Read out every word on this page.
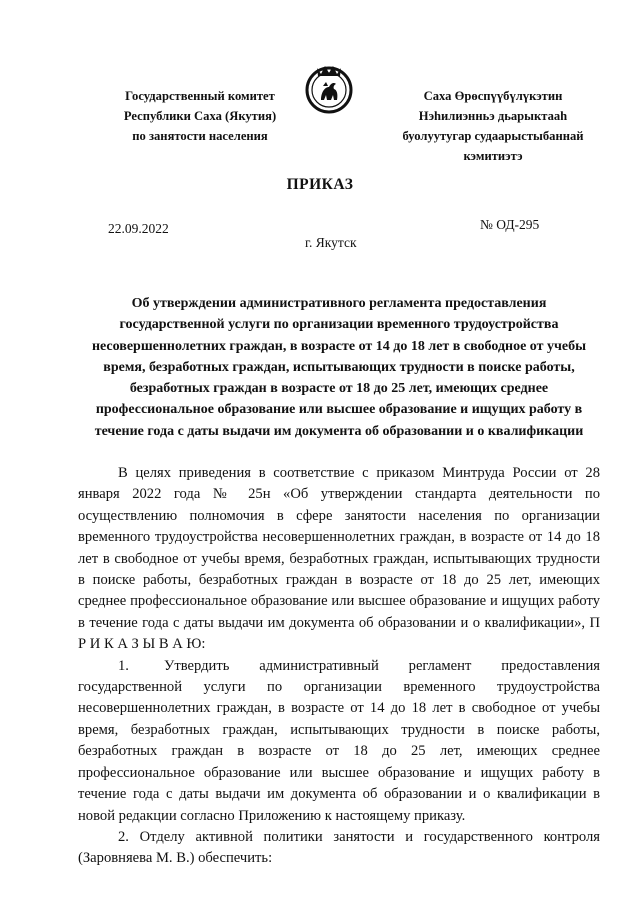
Государственный комитет
Республики Саха (Якутия)
по занятости населения
Саха Өрөспүүбүлүкэтин
Нэһилиэнньэ дьарыктааһ
буолуутугар судаарыстыбаннай
кэмитиэтэ
ПРИКАЗ
22.09.2022	№ ОД-295
г. Якутск
Об утверждении административного регламента предоставления государственной услуги по организации временного трудоустройства несовершеннолетних граждан, в возрасте от 14 до 18 лет в свободное от учебы время, безработных граждан, испытывающих трудности в поиске работы, безработных граждан в возрасте от 18 до 25 лет, имеющих среднее профессиональное образование или высшее образование и ищущих работу в течение года с даты выдачи им документа об образовании и о квалификации

В целях приведения в соответствие с приказом Минтруда России от 28 января 2022 года № 25н «Об утверждении стандарта деятельности по осуществлению полномочия в сфере занятости населения по организации временного трудоустройства несовершеннолетних граждан, в возрасте от 14 до 18 лет в свободное от учебы время, безработных граждан, испытывающих трудности в поиске работы, безработных граждан в возрасте от 18 до 25 лет, имеющих среднее профессиональное образование или высшее образование и ищущих работу в течение года с даты выдачи им документа об образовании и о квалификации», П Р И К А З Ы В А Ю:

1. Утвердить административный регламент предоставления государственной услуги по организации временного трудоустройства несовершеннолетних граждан, в возрасте от 14 до 18 лет в свободное от учебы время, безработных граждан, испытывающих трудности в поиске работы, безработных граждан в возрасте от 18 до 25 лет, имеющих среднее профессиональное образование или высшее образование и ищущих работу в течение года с даты выдачи им документа об образовании и о квалификации в новой редакции согласно Приложению к настоящему приказу.

2. Отделу активной политики занятости и государственного контроля (Заровняева М. В.) обеспечить:
